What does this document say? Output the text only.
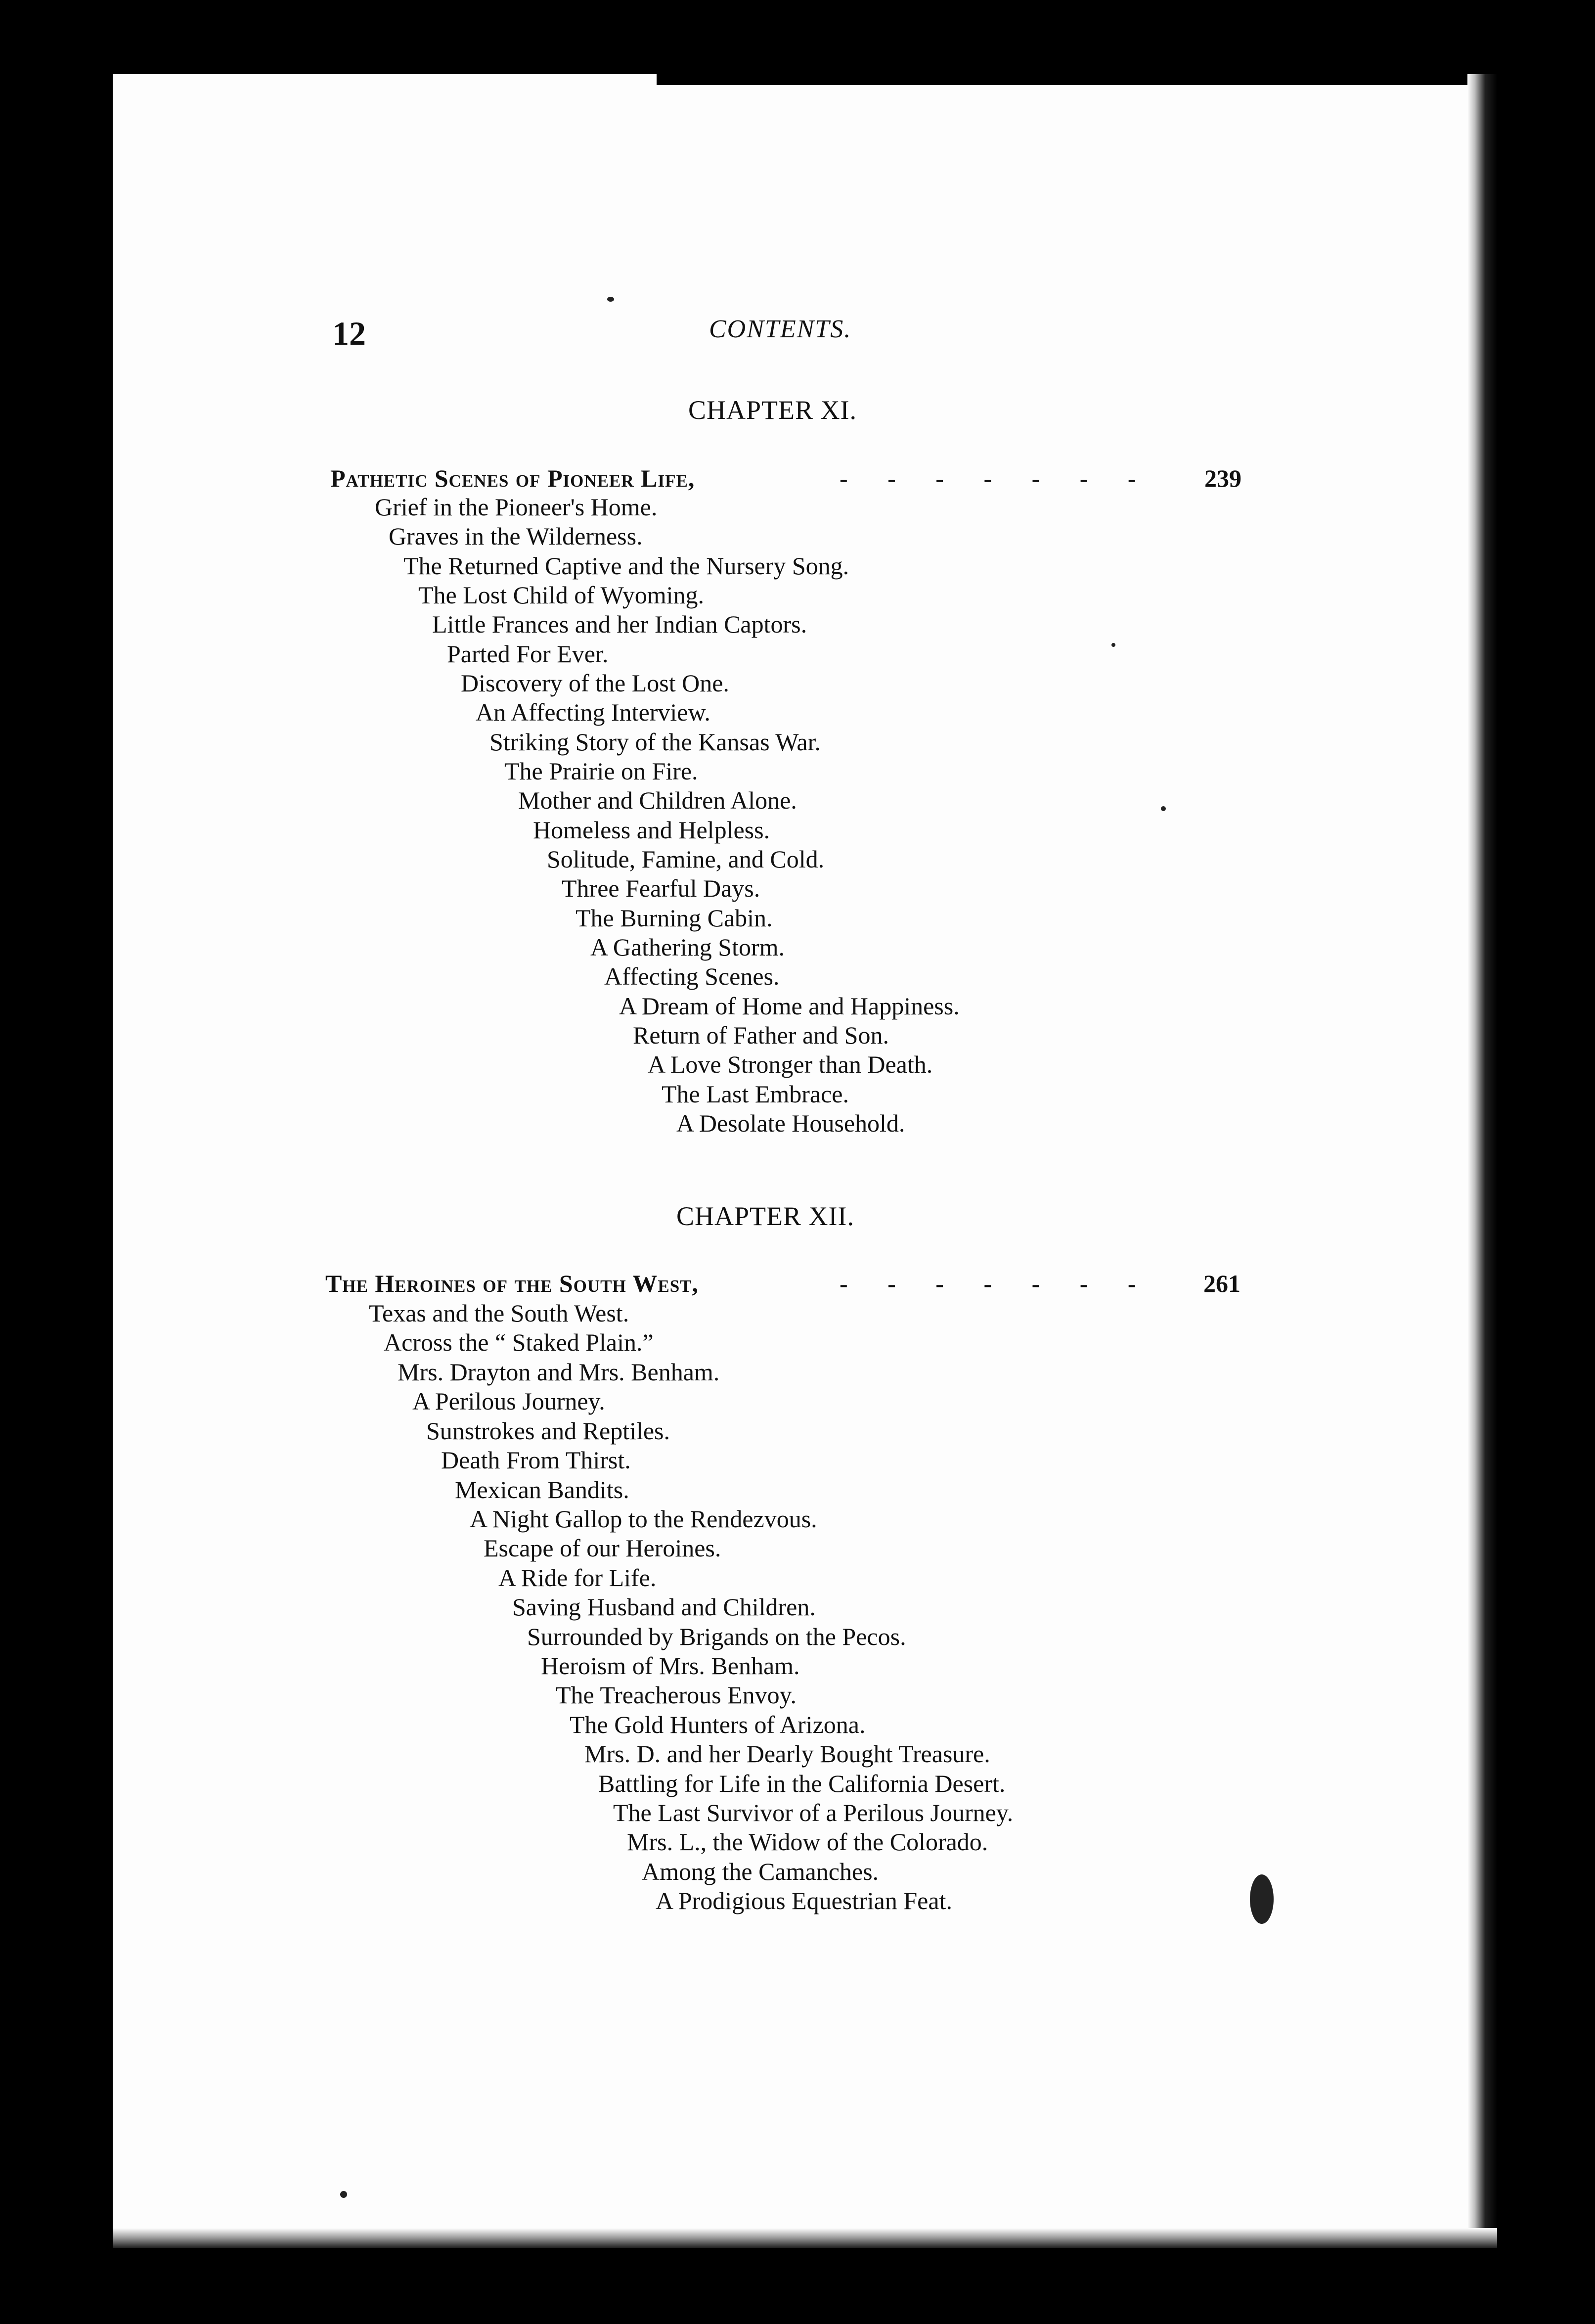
12	CONTENTS.
CHAPTER XI.
Pathetic Scenes of Pioneer Life,	- - - - - - - 239
Grief in the Pioneer's Home.
Graves in the Wilderness.
The Returned Captive and the Nursery Song.
The Lost Child of Wyoming.
Little Frances and her Indian Captors.
Parted For Ever.
Discovery of the Lost One.
An Affecting Interview.
Striking Story of the Kansas War.
The Prairie on Fire.
Mother and Children Alone.
Homeless and Helpless.
Solitude, Famine, and Cold.
Three Fearful Days.
The Burning Cabin.
A Gathering Storm.
Affecting Scenes.
A Dream of Home and Happiness.
Return of Father and Son.
A Love Stronger than Death.
The Last Embrace.
A Desolate Household.
CHAPTER XII.
The Heroines of the South West,	- - - - - - - 261
Texas and the South West.
Across the “ Staked Plain.”
Mrs. Drayton and Mrs. Benham.
A Perilous Journey.
Sunstrokes and Reptiles.
Death From Thirst.
Mexican Bandits.
A Night Gallop to the Rendezvous.
Escape of our Heroines.
A Ride for Life.
Saving Husband and Children.
Surrounded by Brigands on the Pecos.
Heroism of Mrs. Benham.
The Treacherous Envoy.
The Gold Hunters of Arizona.
Mrs. D. and her Dearly Bought Treasure.
Battling for Life in the California Desert.
The Last Survivor of a Perilous Journey.
Mrs. L., the Widow of the Colorado.
Among the Camanches.
A Prodigious Equestrian Feat.
